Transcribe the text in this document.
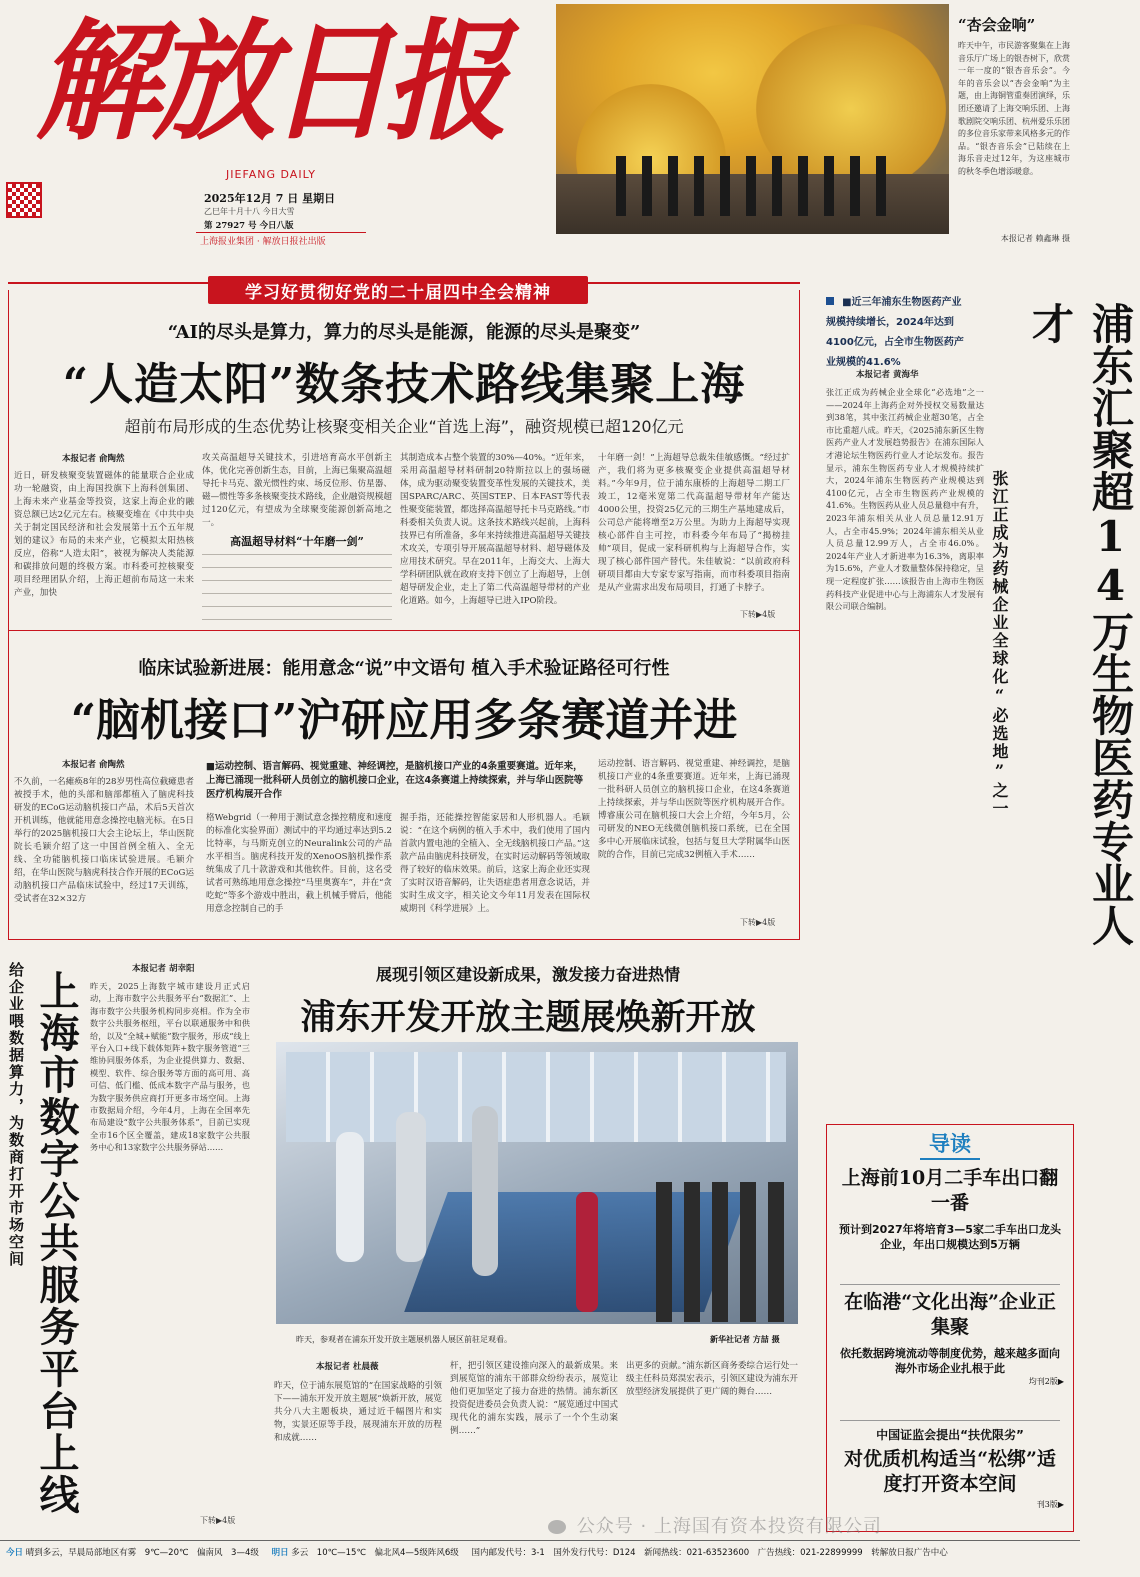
解放日报
JIEFANG DAILY
2025年12月 7 日 星期日
乙巳年十月十八 今日大雪
第 27927 号 今日八版
上海报业集团 · 解放日报社出版
“杏会金响”
昨天中午，市民游客聚集在上海音乐厅广场上的银杏树下，欣赏一年一度的“银杏音乐会”。今年的音乐会以“杏会金响”为主题，由上海铜管重奏团演绎，乐团还邀请了上海交响乐团、上海歌剧院交响乐团、杭州爱乐乐团的多位音乐家带来风格多元的作品。“银杏音乐会”已陆续在上海乐音走过12年，为这座城市的秋冬季色增添暖意。
本报记者 赖鑫琳 摄
学习好贯彻好党的二十届四中全会精神
“AI的尽头是算力，算力的尽头是能源，能源的尽头是聚变”
“人造太阳”数条技术路线集聚上海
超前布局形成的生态优势让核聚变相关企业“首选上海”，融资规模已超120亿元
本报记者 俞陶然
近日，研发核聚变装置磁体的能量联合企业成功一轮融资，由上海国投旗下上海科创集团、上海未来产业基金等投资，这家上海企业的融资总额已达2亿元左右。核聚变堆在《中共中央关于制定国民经济和社会发展第十五个五年规划的建议》布局的未来产业，它模拟太阳热核反应，俗称“人造太阳”，被视为解决人类能源和碳排放问题的终极方案。市科委可控核聚变项目经理团队介绍，上海正超前布局这一未来产业，加快
攻关高温超导关键技术，引进培育高水平创新主体，优化完善创新生态，目前，上海已集聚高温超导托卡马克、激光惯性约束、场反位形、仿星器、磁—惯性等多条核聚变技术路线，企业融资规模超过120亿元，有望成为全球聚变能源创新高地之一。
高温超导材料“十年磨一剑”
其制造成本占整个装置的30%—40%。“近年来，采用高温超导材料研制20特斯拉以上的强场磁体，成为驱动聚变装置变革性发展的关键技术，美国SPARC/ARC、英国STEP、日本FAST等代表性聚变能装置，都选择高温超导托卡马克路线。”市科委相关负责人说。这条技术路线兴起前，上海科技界已有所准备，多年来持续推进高温超导关键技术攻关，专项引导开展高温超导材料、超导磁体及应用技术研究。早在2011年，上海交大、上海大学科研团队就在政府支持下创立了上海超导，上创超导研发企业，走上了第二代高温超导带材的产业化道路。如今，上海超导已进入IPO阶段。
十年磨一剑！”上海超导总裁朱佳敏感慨。“经过扩产，我们将为更多核聚变企业提供高温超导材料。”今年9月，位于浦东康桥的上海超导二期工厂竣工，12毫米宽第二代高温超导带材年产能达4000公里，投资25亿元的三期生产基地建成后，公司总产能将增至2万公里。为助力上海超导实现核心部件自主可控，市科委今年布局了“揭榜挂帅”项目，促成一家科研机构与上海超导合作，实现了核心部件国产替代。朱佳敏说：“以前政府科研项目都由大专家专家写指南，而市科委项目指南是从产业需求出发布局项目，打通了卡脖子。
下转▶4版
临床试验新进展：能用意念“说”中文语句 植入手术验证路径可行性
“脑机接口”沪研应用多条赛道并进
本报记者 俞陶然
不久前，一名瘫痪8年的28岁男性高位截瘫患者被授手术，他的头部和脑部都植入了脑虎科技研发的ECoG运动脑机接口产品，术后5天首次开机训练，他就能用意念操控电脑光标。在5日举行的2025脑机接口大会主论坛上，华山医院院长毛颖介绍了这一中国首例全植入、全无线、全功能脑机接口临床试验进展。毛颖介绍，在华山医院与脑虎科技合作开展的ECoG运动脑机接口产品临床试验中，经过17天训练，受试者在32×32方
■运动控制、语言解码、视觉重建、神经调控，是脑机接口产业的4条重要赛道。近年来，上海已涌现一批科研人员创立的脑机接口企业，在这4条赛道上持续探索，并与华山医院等医疗机构展开合作
格Webgrid（一种用于测试意念操控精度和速度的标准化实验界面）测试中的平均通过率达到5.2比特率，与马斯克创立的Neuralink公司的产品水平相当。脑虎科技开发的XenoOS脑机操作系统集成了几十款游戏和其他软件。目前，这名受试者可熟练地用意念操控“马里奥赛车”，并在“贪吃蛇”等多个游戏中胜出，截上机械手臂后，他能用意念控制自己的手
握手指，还能操控智能家居和人形机器人。毛颖说：“在这个病例的植入手术中，我们使用了国内首款内置电池的全植入、全无线脑机接口产品。”这款产品由脑虎科技研发，在实时运动解码等领域取得了较好的临床效果。前后，这家上海企业还实现了实时汉语音解码，让失语症患者用意念说话，并实时生成文字，相关论文今年11月发表在国际权威期刊《科学进展》上。
运动控制、语言解码、视觉重建、神经调控，是脑机接口产业的4条重要赛道。近年来，上海已涌现一批科研人员创立的脑机接口企业，在这4条赛道上持续探索，并与华山医院等医疗机构展开合作。博睿康公司在脑机接口大会上介绍，今年5月，公司研发的NEO无线微创脑机接口系统，已在全国多中心开展临床试验，包括与复旦大学附属华山医院的合作，目前已完成32例植入手术……
下转▶4版
上海市数字公共服务平台上线
给企业喂数据算力，为数商打开市场空间	本报记者 胡幸阳
昨天，2025上海数字城市建设月正式启动，上海市数字公共服务平台“数据汇”、上海市数字公共服务机构同步亮相。作为全市数字公共服务枢纽，平台以联通服务中和供给，以及“全城+赋能”数字服务，形成“线上平台入口+线下载体矩阵+数字服务管道”三维协同服务体系，为企业提供算力、数据、模型、软件、综合服务等方面的高可用、高可信、低门槛、低成本数字产品与服务，也为数字服务供应商打开更多市场空间。上海市数据局介绍，今年4月，上海在全国率先布局建设“数字公共服务体系”，目前已实现全市16个区全覆盖，建成18家数字公共服务中心和13家数字公共服务驿站……
下转▶4版
展现引领区建设新成果，激发接力奋进热情
浦东开发开放主题展焕新开放
昨天，参观者在浦东开发开放主题展机器人展区前驻足观看。	新华社记者 方喆 摄
本报记者 杜晨薇
昨天，位于浦东展览馆的“在国家战略的引领下——浦东开发开放主题展”焕新开放，展览共分八大主题板块，通过近千幅图片和实物，实景还原等手段，展现浦东开放的历程和成就……
杆，把引领区建设推向深入的最新成果。来到展览馆的浦东干部群众纷纷表示，展览让他们更加坚定了接力奋进的热情。浦东新区投资促进委员会负责人说：“展览通过中国式现代化的浦东实践，展示了一个个生动案例……”
出更多的贡献。”浦东新区商务委综合运行处一级主任科员郑淏宏表示，引领区建设为浦东开放型经济发展提供了更广阔的舞台……
■近三年浦东生物医药产业规模持续增长，2024年达到4100亿元，占全市生物医药产业规模的41.6%
本报记者 黄海华	浦东汇聚超14万生物医药专业人才
张江正成为药械企业全球化“必选地”之一
张江正成为药械企业全球化“必选地”之一——2024年上海药企对外授权交易数量达到38笔，其中张江药械企业超30笔，占全市比重超八成。昨天，《2025浦东新区生物医药产业人才发展趋势报告》在浦东国际人才港论坛生物医药行业人才论坛发布。报告显示，浦东生物医药专业人才规模持续扩大，2024年浦东生物医药产业规模达到4100亿元，占全市生物医药产业规模的41.6%。生物医药从业人员总量稳中有升，2023年浦东相关从业人员总量12.91万人，占全市45.9%；2024年浦东相关从业人员总量12.99万人，占全市46.0%。2024年产业人才新进率为16.3%，离职率为15.6%，产业人才数量整体保持稳定，呈现一定程度扩张……该报告由上海市生物医药科技产业促进中心与上海浦东人才发展有限公司联合编制。
导读
上海前10月二手车出口翻一番
预计到2027年将培育3—5家二手车出口龙头企业，年出口规模达到5万辆
在临港“文化出海”企业正集聚
依托数据跨境流动等制度优势，越来越多面向海外市场企业扎根于此
均刊2版▶
中国证监会提出“扶优限劣”
对优质机构适当“松绑”适度打开资本空间
刊3版▶
今日 晴到多云，早晨局部地区有雾　9℃—20℃　偏南风　3—4级 明日 多云　10℃—15℃　偏北风4—5级阵风6级 国内邮发代号：3-1　国外发行代号：D124　新闻热线：021-63523600　广告热线：021-22899999　转解放日报广告中心
公众号 · 上海国有资本投资有限公司
